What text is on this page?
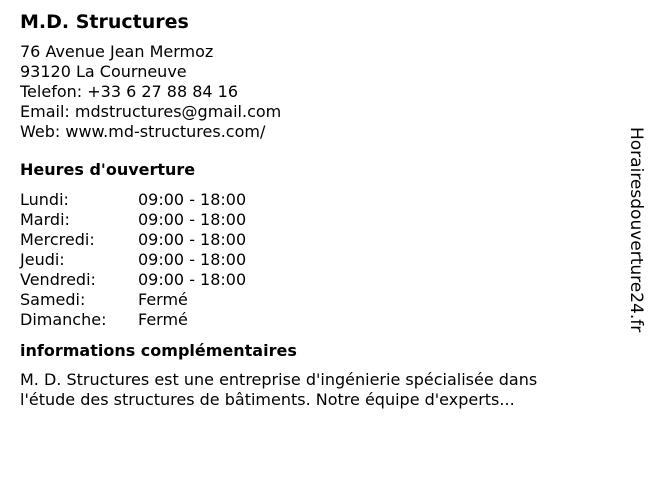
M.D. Structures
76 Avenue Jean Mermoz
93120 La Courneuve
Telefon: +33 6 27 88 84 16
Email: mdstructures@gmail.com
Web: www.md-structures.com/
Heures d'ouverture
Lundi:	09:00 - 18:00
Mardi:	09:00 - 18:00
Mercredi:	09:00 - 18:00
Jeudi:	09:00 - 18:00
Vendredi:	09:00 - 18:00
Samedi:	Fermé
Dimanche:	Fermé
informations complémentaires
M. D. Structures est une entreprise d'ingénierie spécialisée dans l'étude des structures de bâtiments. Notre équipe d'experts...
Horairesdouverture24.fr
